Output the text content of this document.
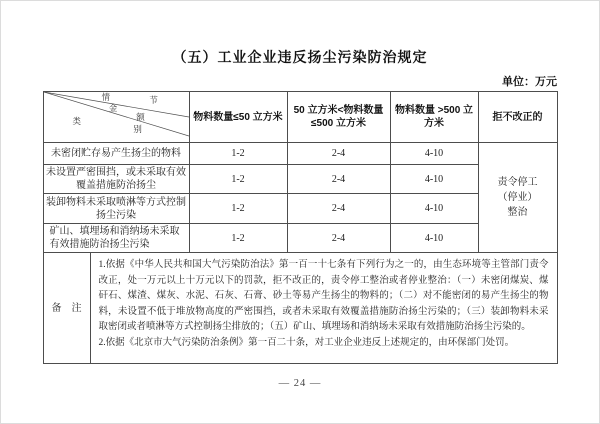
（五）工业企业违反扬尘污染防治规定
单位：万元
情	节
金
额
类
别
	物料数量≤50 立方米	50 立方米<物料数量≤500 立方米	物料数量 >500 立方米	拒不改正的
未密闭贮存易产生扬尘的物料	1-2	2-4	4-10	责令停工
（停业）
整治

未设置严密围挡，或未采取有效覆盖措施防治扬尘	1-2	2-4	4-10	
装卸物料未采取喷淋等方式控制扬尘污染	1-2	2-4	4-10	
矿山、填埋场和消纳场未采取有效措施防治扬尘污染	1-2	2-4	4-10	

备　注
1.依据《中华人民共和国大气污染防治法》第一百一十七条有下列行为之一的，由生态环境等主管部门责令改正，处一万元以上十万元以下的罚款，拒不改正的，责令停工整治或者停业整治：（一）未密闭煤炭、煤矸石、煤渣、煤灰、水泥、石灰、石膏、砂土等易产生扬尘的物料的；（二）对不能密闭的易产生扬尘的物料，未设置不低于堆放物高度的严密围挡，或者未采取有效覆盖措施防治扬尘污染的；（三）装卸物料未采取密闭或者喷淋等方式控制扬尘排放的；（五）矿山、填埋场和消纳场未采取有效措施防治扬尘污染的。
2.依据《北京市大气污染防治条例》第一百二十条，对工业企业违反上述规定的，由环保部门处罚。				
— 24 —
